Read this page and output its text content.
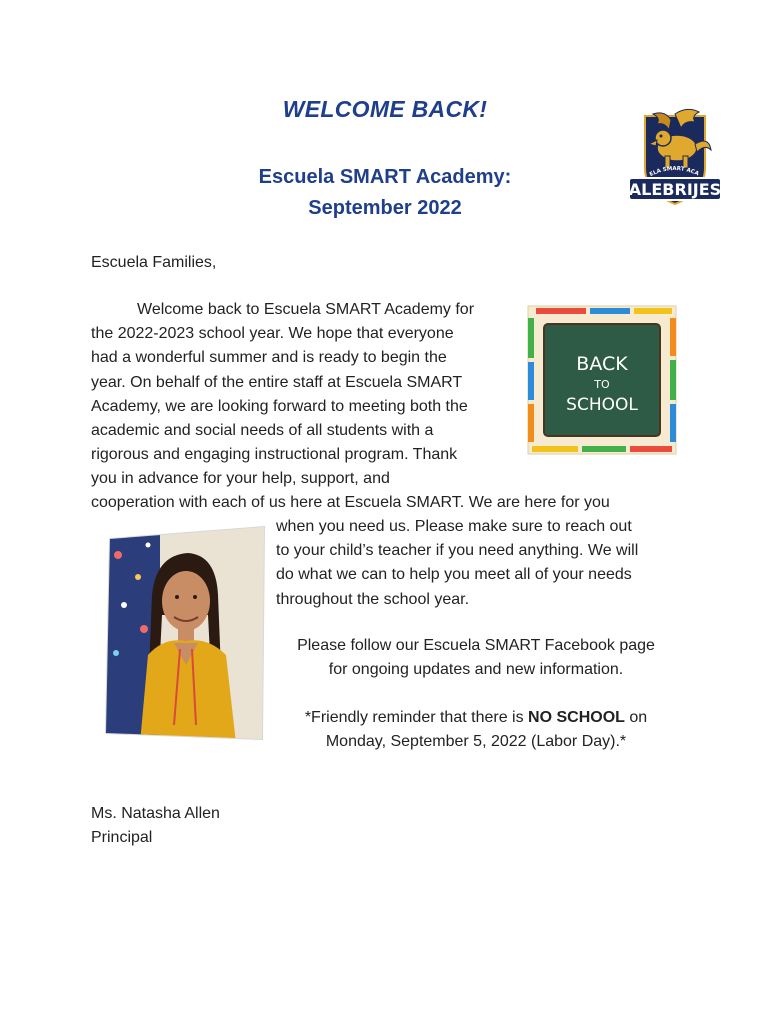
WELCOME BACK!
Escuela SMART Academy:
September 2022
ELA SMART ACA
ALEBRIJES
Escuela Families,
Welcome back to Escuela SMART Academy for
the 2022-2023 school year. We hope that everyone
had a wonderful summer and is ready to begin the
year. On behalf of the entire staff at Escuela SMART
Academy, we are looking forward to meeting both the
academic and social needs of all students with a
rigorous and engaging instructional program. Thank
you in advance for your help, support, and
BACK
TO
SCHOOL
cooperation with each of us here at Escuela SMART. We are here for you
when you need us. Please make sure to reach out
to your child’s teacher if you need anything. We will
do what we can to help you meet all of your needs
throughout the school year.
Please follow our Escuela SMART Facebook page
for ongoing updates and new information.
*Friendly reminder that there is NO SCHOOL on
Monday, September 5, 2022 (Labor Day).*
Ms. Natasha Allen
Principal
